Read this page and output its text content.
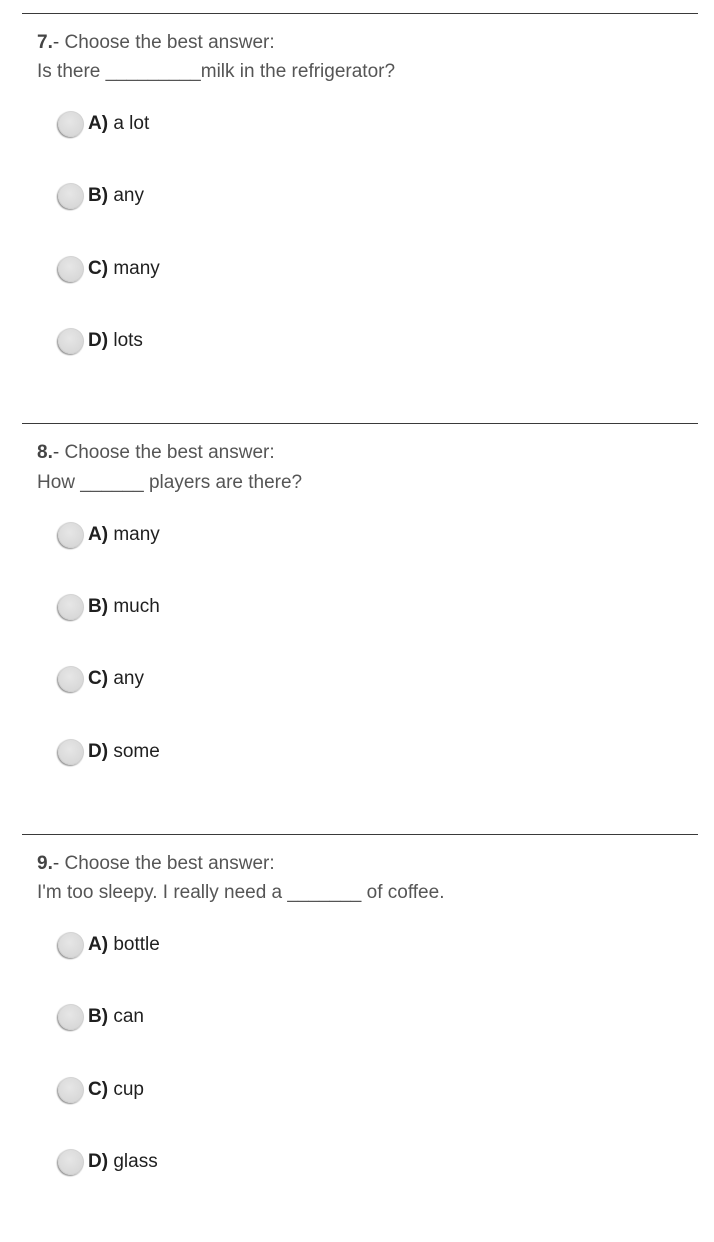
7.- Choose the best answer:
Is there _________milk in the refrigerator?
A) a lot
B) any
C) many
D) lots
8.- Choose the best answer:
How ______ players are there?
A) many
B) much
C) any
D) some
9.- Choose the best answer:
I'm too sleepy. I really need a _______ of coffee.
A) bottle
B) can
C) cup
D) glass
